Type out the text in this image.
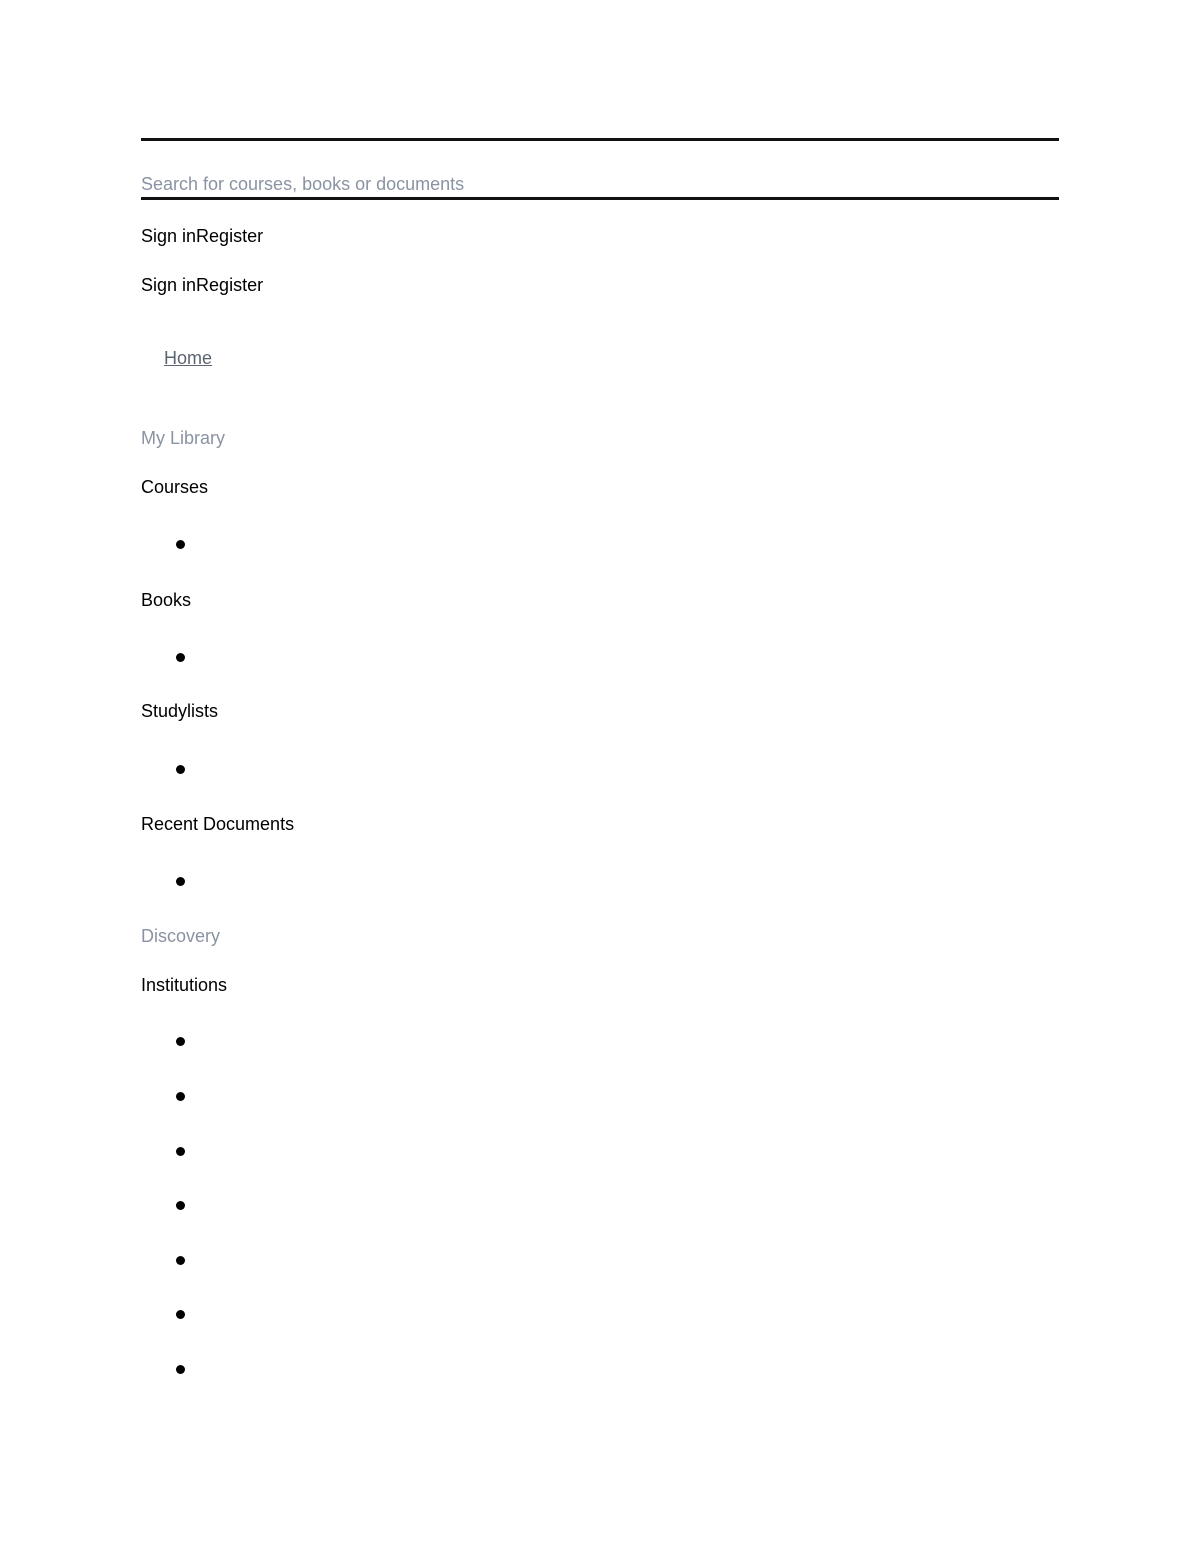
Search for courses, books or documents
Sign inRegister
Sign inRegister
Home
My Library
Courses
Books
Studylists
Recent Documents
Discovery
Institutions
